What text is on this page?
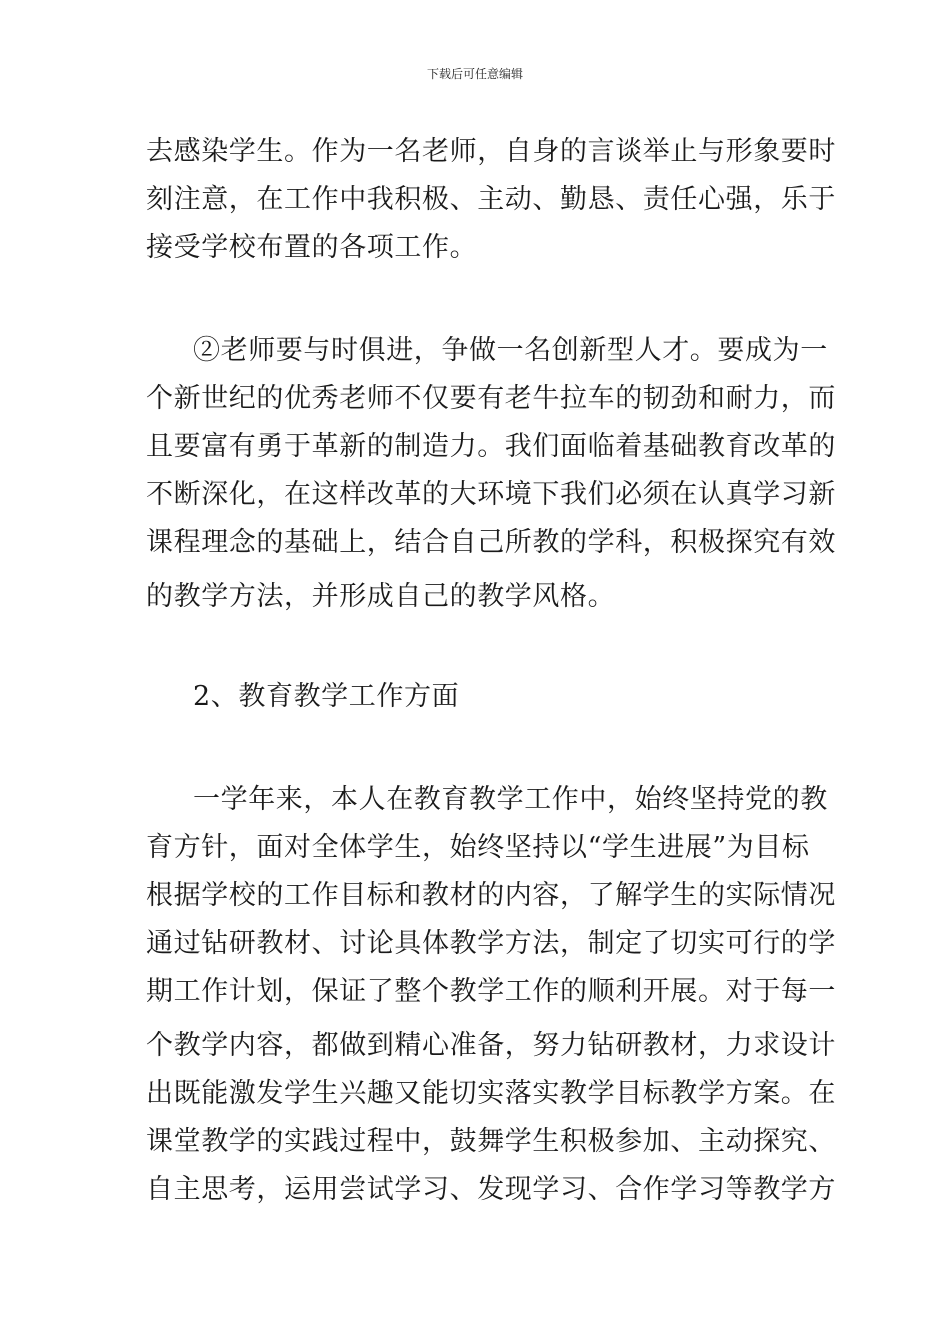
下载后可任意编辑
去感染学生。作为一名老师，自身的言谈举止与形象要时
刻注意，在工作中我积极、主动、勤恳、责任心强，乐于
接受学校布置的各项工作。
②老师要与时俱进，争做一名创新型人才。要成为一
个新世纪的优秀老师不仅要有老牛拉车的韧劲和耐力，而
且要富有勇于革新的制造力。我们面临着基础教育改革的
不断深化，在这样改革的大环境下我们必须在认真学习新
课程理念的基础上，结合自己所教的学科，积极探究有效
的教学方法，并形成自己的教学风格。
2、教育教学工作方面
一学年来，本人在教育教学工作中，始终坚持党的教
育方针，面对全体学生，始终坚持以“学生进展”为目标
根据学校的工作目标和教材的内容，了解学生的实际情况
通过钻研教材、讨论具体教学方法，制定了切实可行的学
期工作计划，保证了整个教学工作的顺利开展。对于每一
个教学内容，都做到精心准备，努力钻研教材，力求设计
出既能激发学生兴趣又能切实落实教学目标教学方案。在
课堂教学的实践过程中，鼓舞学生积极参加、主动探究、
自主思考，运用尝试学习、发现学习、合作学习等教学方
